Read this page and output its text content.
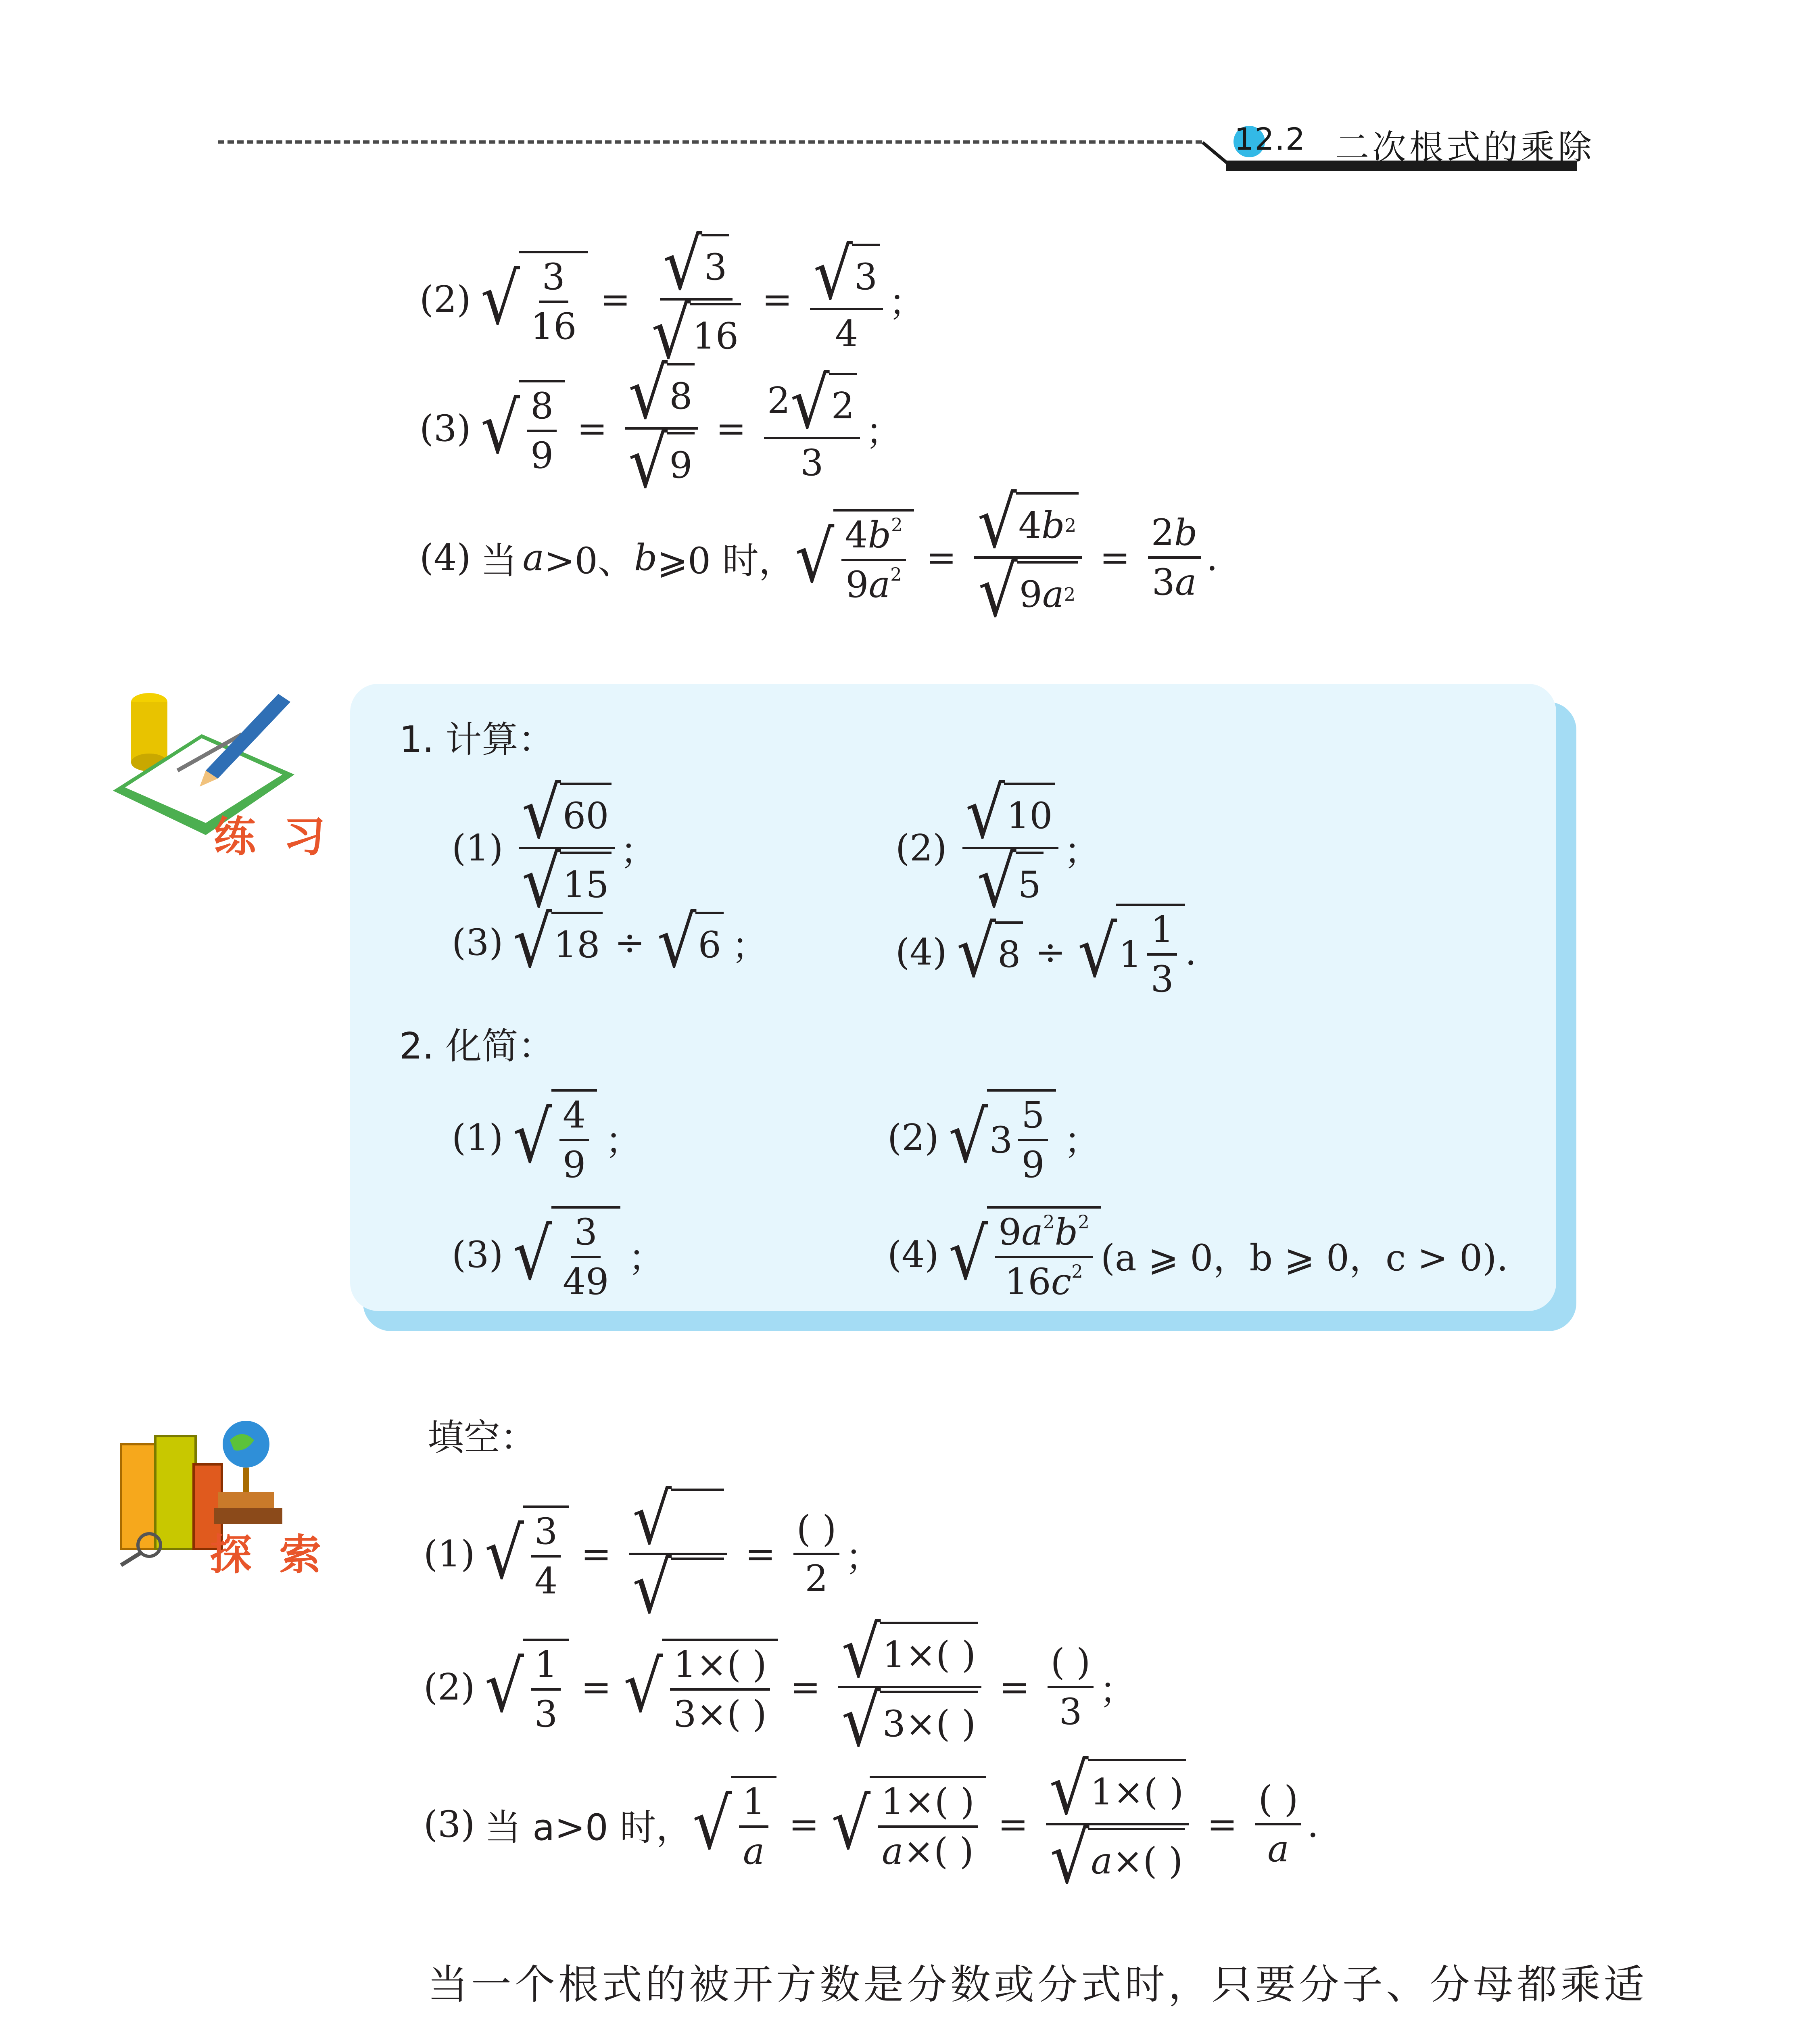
12.2 二次根式的乘除
(2) √ $\frac{3}{16} = \frac{√ 3}{√ 16} = \frac{√ 3}{4}$ ；
(3) √ $\frac{8}{9} = \frac{√ 8}{√ 9} = \frac{2 √ 2}{3}$ ；
(4) 当 a >0、 b ⩾0 时， √ $\frac{4b^2}{9a^2} = \frac{√ 4 b 2}{√ 9 a 2} = \frac{2b}{3a}$ .
练 习
1. 计算：
$(1) \frac{√ 60}{√ 15}$ ；	$(2) \frac{√ 10}{√ 5}$ ；
(3) √ 18 ÷ √ 6 ；	(4) √ 8 ÷ √ $1 \frac{1}{3}$ .
2. 化简：
(1) √ $\frac{4}{9}$ ；	(2) √ $3 \frac{5}{9}$ ；
(3) √ $\frac{3}{49}$ ；	(4) √ $\frac{9a^2b^2}{16c^2} (a$ ⩾ 0，b ⩾ 0，c > 0).
探 索
填空：
(1) √ $\frac{3}{4} = \frac{√}{√}$
= $\frac{( )}{2}$ ；
(2) √ $\frac{1}{3}$ = √ $\frac{1\times( )}{3\times( )} = \frac{√ 1\times( )}{√ 3\times( )} = \frac{( )}{3}$ ；
(3) 当 a>0 时， √ $\frac{1}{a}$ = √ $\frac{1\times( )}{a\times( )} = \frac{√ 1\times( )}{√ a \times( )} = \frac{( )}{a}$ .
当一个根式的被开方数是分数或分式时，只要分子、分母都乘适
